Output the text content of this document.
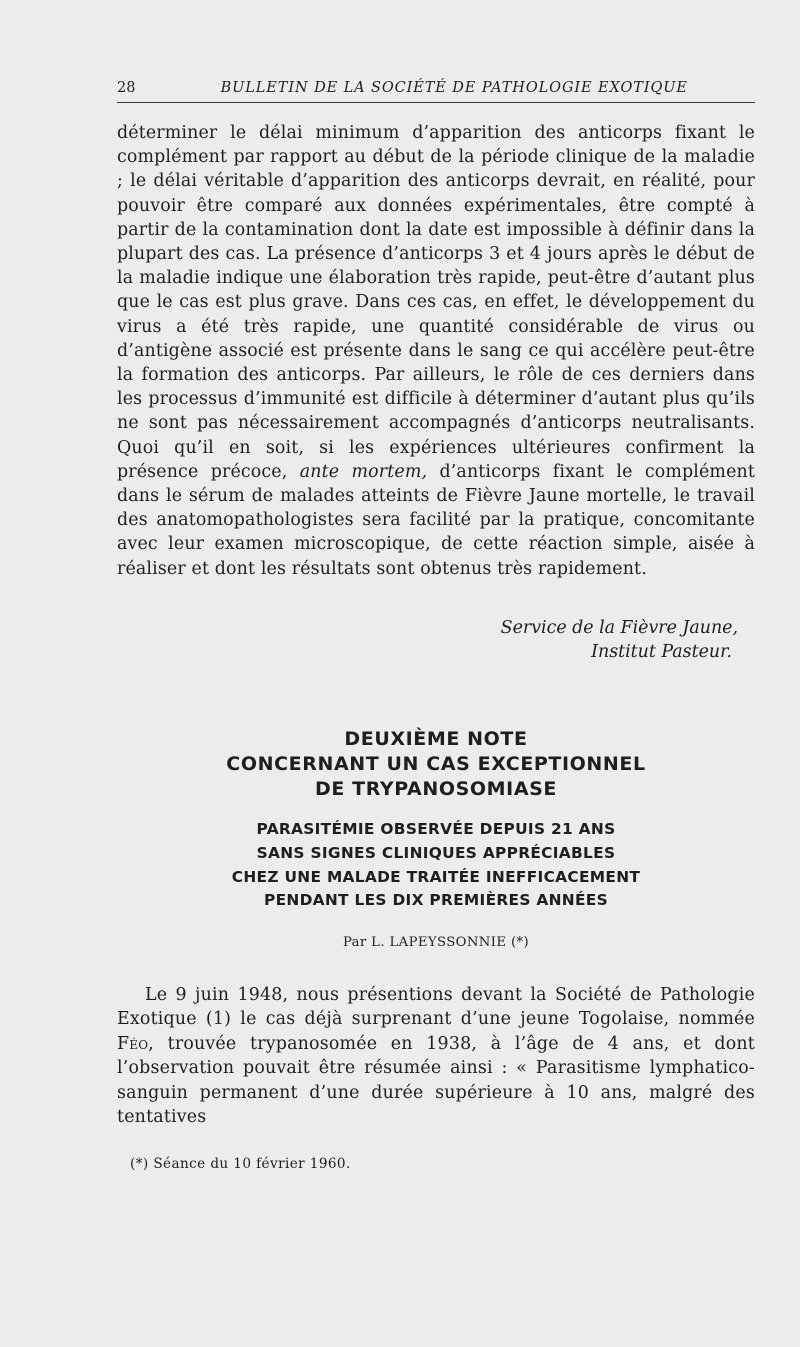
28	BULLETIN DE LA SOCIÉTÉ DE PATHOLOGIE EXOTIQUE

déterminer le délai minimum d’apparition des anticorps fixant le complément par rapport au début de la période clinique de la maladie ; le délai véritable d’apparition des anticorps devrait, en réalité, pour pouvoir être comparé aux données expérimentales, être compté à partir de la contamination dont la date est impossible à définir dans la plupart des cas. La présence d’anticorps 3 et 4 jours après le début de la maladie indique une élaboration très rapide, peut-être d’autant plus que le cas est plus grave. Dans ces cas, en effet, le développement du virus a été très rapide, une quantité considérable de virus ou d’antigène associé est présente dans le sang ce qui accélère peut-être la formation des anticorps. Par ailleurs, le rôle de ces derniers dans les processus d’immunité est difficile à déterminer d’autant plus qu’ils ne sont pas nécessairement accompagnés d’anticorps neutralisants. Quoi qu’il en soit, si les expériences ultérieures confirment la présence précoce, ante mortem, d’anticorps fixant le complément dans le sérum de malades atteints de Fièvre Jaune mortelle, le travail des anatomopathologistes sera facilité par la pratique, concomitante avec leur examen microscopique, de cette réaction simple, aisée à réaliser et dont les résultats sont obtenus très rapidement.

Service de la Fièvre Jaune,
Institut Pasteur.
DEUXIÈME NOTE
CONCERNANT UN CAS EXCEPTIONNEL
DE TRYPANOSOMIASE
PARASITÉMIE OBSERVÉE DEPUIS 21 ANS
SANS SIGNES CLINIQUES APPRÉCIABLES
CHEZ UNE MALADE TRAITÉE INEFFICACEMENT
PENDANT LES DIX PREMIÈRES ANNÉES
Par L. LAPEYSSONNIE (*)

Le 9 juin 1948, nous présentions devant la Société de Pathologie Exotique (1) le cas déjà surprenant d’une jeune Togolaise, nommée Féo, trouvée trypanosomée en 1938, à l’âge de 4 ans, et dont l’observation pouvait être résumée ainsi : « Parasitisme lymphatico-sanguin permanent d’une durée supérieure à 10 ans, malgré des tentatives

(*) Séance du 10 février 1960.
